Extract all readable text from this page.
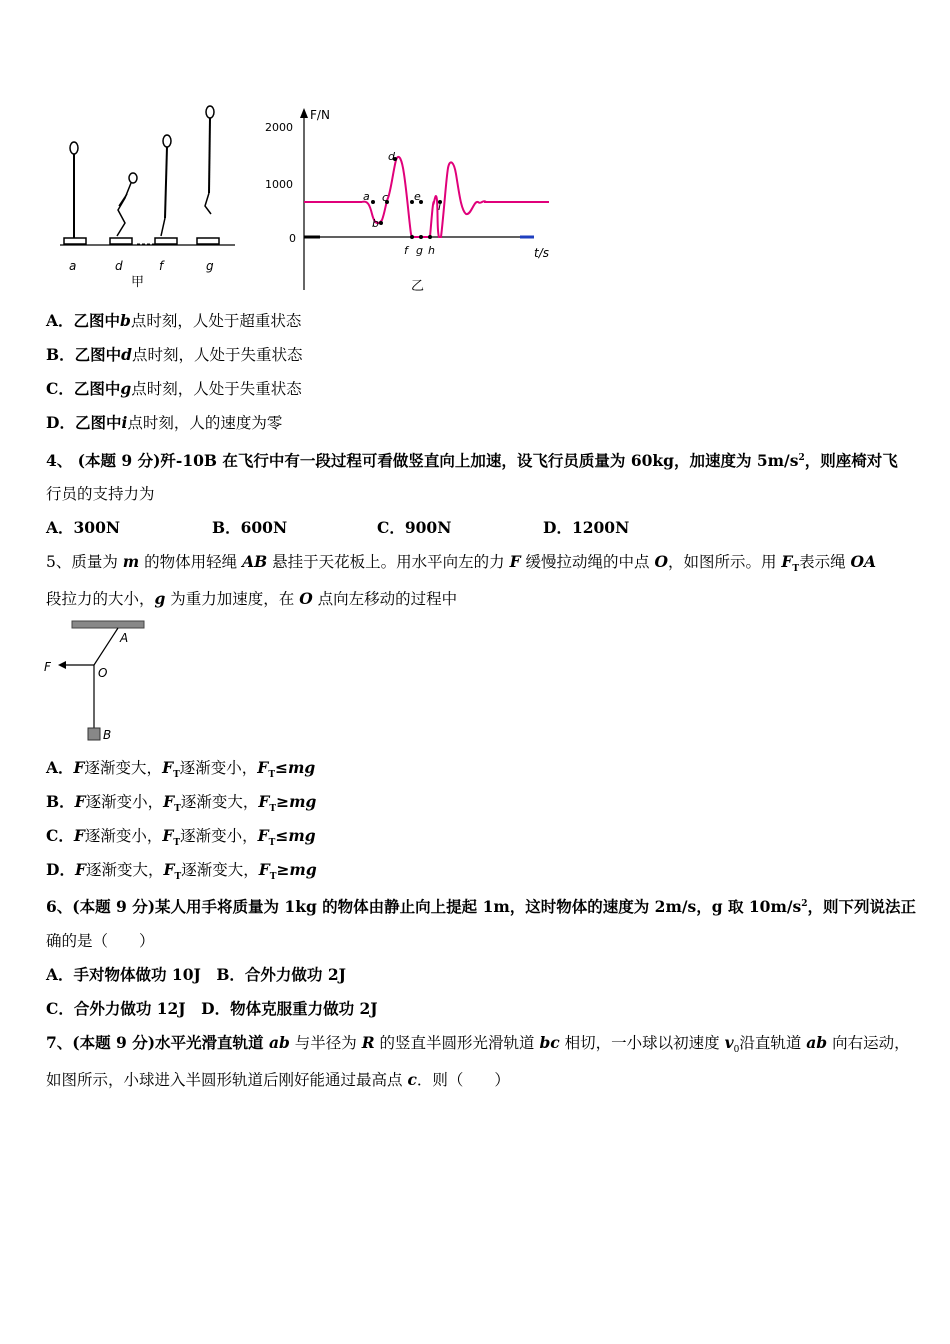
a	d	f	g
甲
F/N
2000
1000
0
t/s
a
b
c
d
e
i
f g h
乙
A．乙图中b点时刻，人处于超重状态
B．乙图中d点时刻，人处于失重状态
C．乙图中g点时刻，人处于失重状态
D．乙图中i点时刻，人的速度为零
4、 (本题 9 分)歼-10B 在飞行中有一段过程可看做竖直向上加速，设飞行员质量为 60kg，加速度为 $5m/s^2$，则座椅对飞
行员的支持力为
A．300N	B．600N	C．900N	D．1200N
5、质量为 m 的物体用轻绳 AB 悬挂于天花板上。用水平向左的力 F 缓慢拉动绳的中点 O，如图所示。用 $F_T$表示绳 OA
段拉力的大小，g 为重力加速度，在 O 点向左移动的过程中
A
F	O
B
A．F逐渐变大，$F_T$逐渐变小，$F_T\le mg$
B．F逐渐变小，$F_T$逐渐变大，$F_T\ge mg$
C．F逐渐变小，$F_T$逐渐变小，$F_T\le mg$
D．F逐渐变大，$F_T$逐渐变大，$F_T\ge mg$
6、(本题 9 分)某人用手将质量为 1kg 的物体由静止向上提起 1m，这时物体的速度为 2m/s，g 取 $10m/s^2$，则下列说法正
确的是（　　）
A．手对物体做功 10J　B．合外力做功 2J
C．合外力做功 12J　D．物体克服重力做功 2J
7、(本题 9 分)水平光滑直轨道 ab 与半径为 R 的竖直半圆形光滑轨道 bc 相切，一小球以初速度 $v_0$沿直轨道 ab 向右运动，
如图所示，小球进入半圆形轨道后刚好能通过最高点 c．则（　　）
